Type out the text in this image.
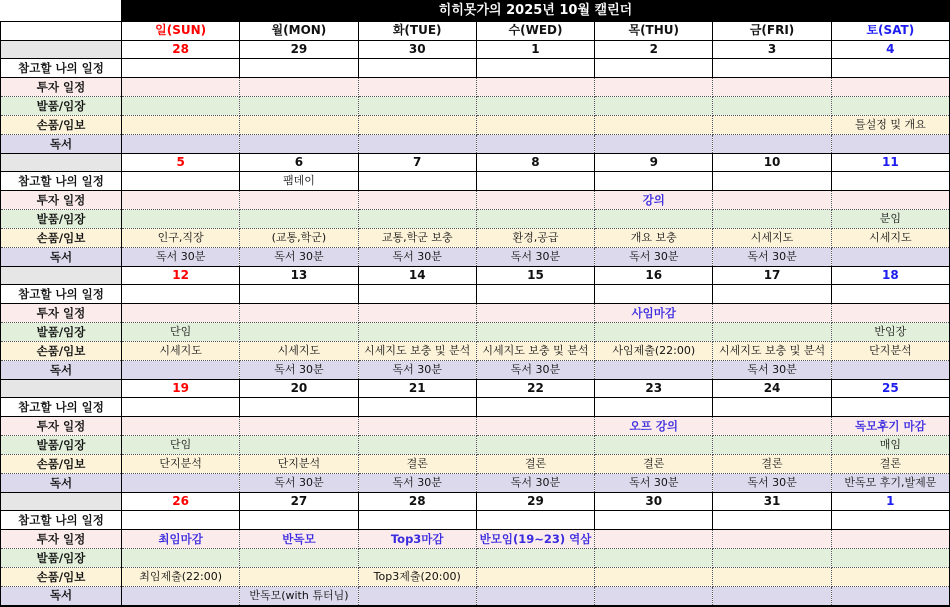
	히히못가의 2025년 10월 캘린더						
	일(SUN)	월(MON)	화(TUE)	수(WED)	목(THU)	금(FRI)	토(SAT)
	28	29	30	1	2	3	4
참고할 나의 일정							
투자 일정							
발품/임장							
손품/임보							틀설정 및 개요
독서							
	5	6	7	8	9	10	11
참고할 나의 일정		팸데이					
투자 일정					강의		
발품/임장							분임
손품/임보	인구,직장	(교통,학군)	교통,학군 보충	환경,공급	개요 보충	시세지도	시세지도
독서	독서 30분	독서 30분	독서 30분	독서 30분	독서 30분	독서 30분	
	12	13	14	15	16	17	18
참고할 나의 일정							
투자 일정					사임마감		
발품/임장	단임						반임장
손품/임보	시세지도	시세지도	시세지도 보충 및 분석	시세지도 보충 및 분석	사임제출(22:00)	시세지도 보충 및 분석	단지분석
독서		독서 30분	독서 30분	독서 30분		독서 30분	
	19	20	21	22	23	24	25
참고할 나의 일정							
투자 일정					오프 강의		독모후기 마감
발품/임장	단임						매임
손품/임보	단지분석	단지분석	결론	결론	결론	결론	결론
독서		독서 30분	독서 30분	독서 30분	독서 30분	독서 30분	반독모 후기,발제문
	26	27	28	29	30	31	1
참고할 나의 일정							
투자 일정	최임마감	반독모	Top3마감	반모임(19~23) 역삼			
발품/임장							
손품/임보	최임제출(22:00)		Top3제출(20:00)				
독서		반독모(with 튜터님)					
